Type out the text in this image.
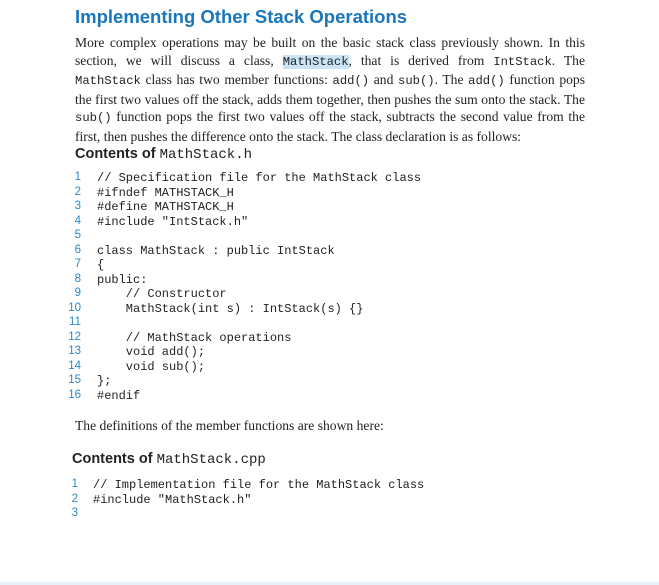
Implementing Other Stack Operations

More complex operations may be built on the basic stack class previously shown. In this section, we will discuss a class, MathStack, that is derived from IntStack. The MathStack class has two member functions: add() and sub(). The add() function pops the first two values off the stack, adds them together, then pushes the sum onto the stack. The sub() function pops the first two values off the stack, subtracts the second value from the first, then pushes the difference onto the stack. The class declaration is as follows:

Contents of MathStack.h
1 // Specification file for the MathStack class
2 #ifndef MATHSTACK_H
3 #define MATHSTACK_H
4 #include "IntStack.h"
5
6 class MathStack : public IntStack
7 {
8 public:
9 // Constructor
10 MathStack(int s) : IntStack(s) {}
11
12 // MathStack operations
13 void add();
14 void sub();
15 };
16 #endif

The definitions of the member functions are shown here:

Contents of MathStack.cpp
1 // Implementation file for the MathStack class
2 #include "MathStack.h"
3
